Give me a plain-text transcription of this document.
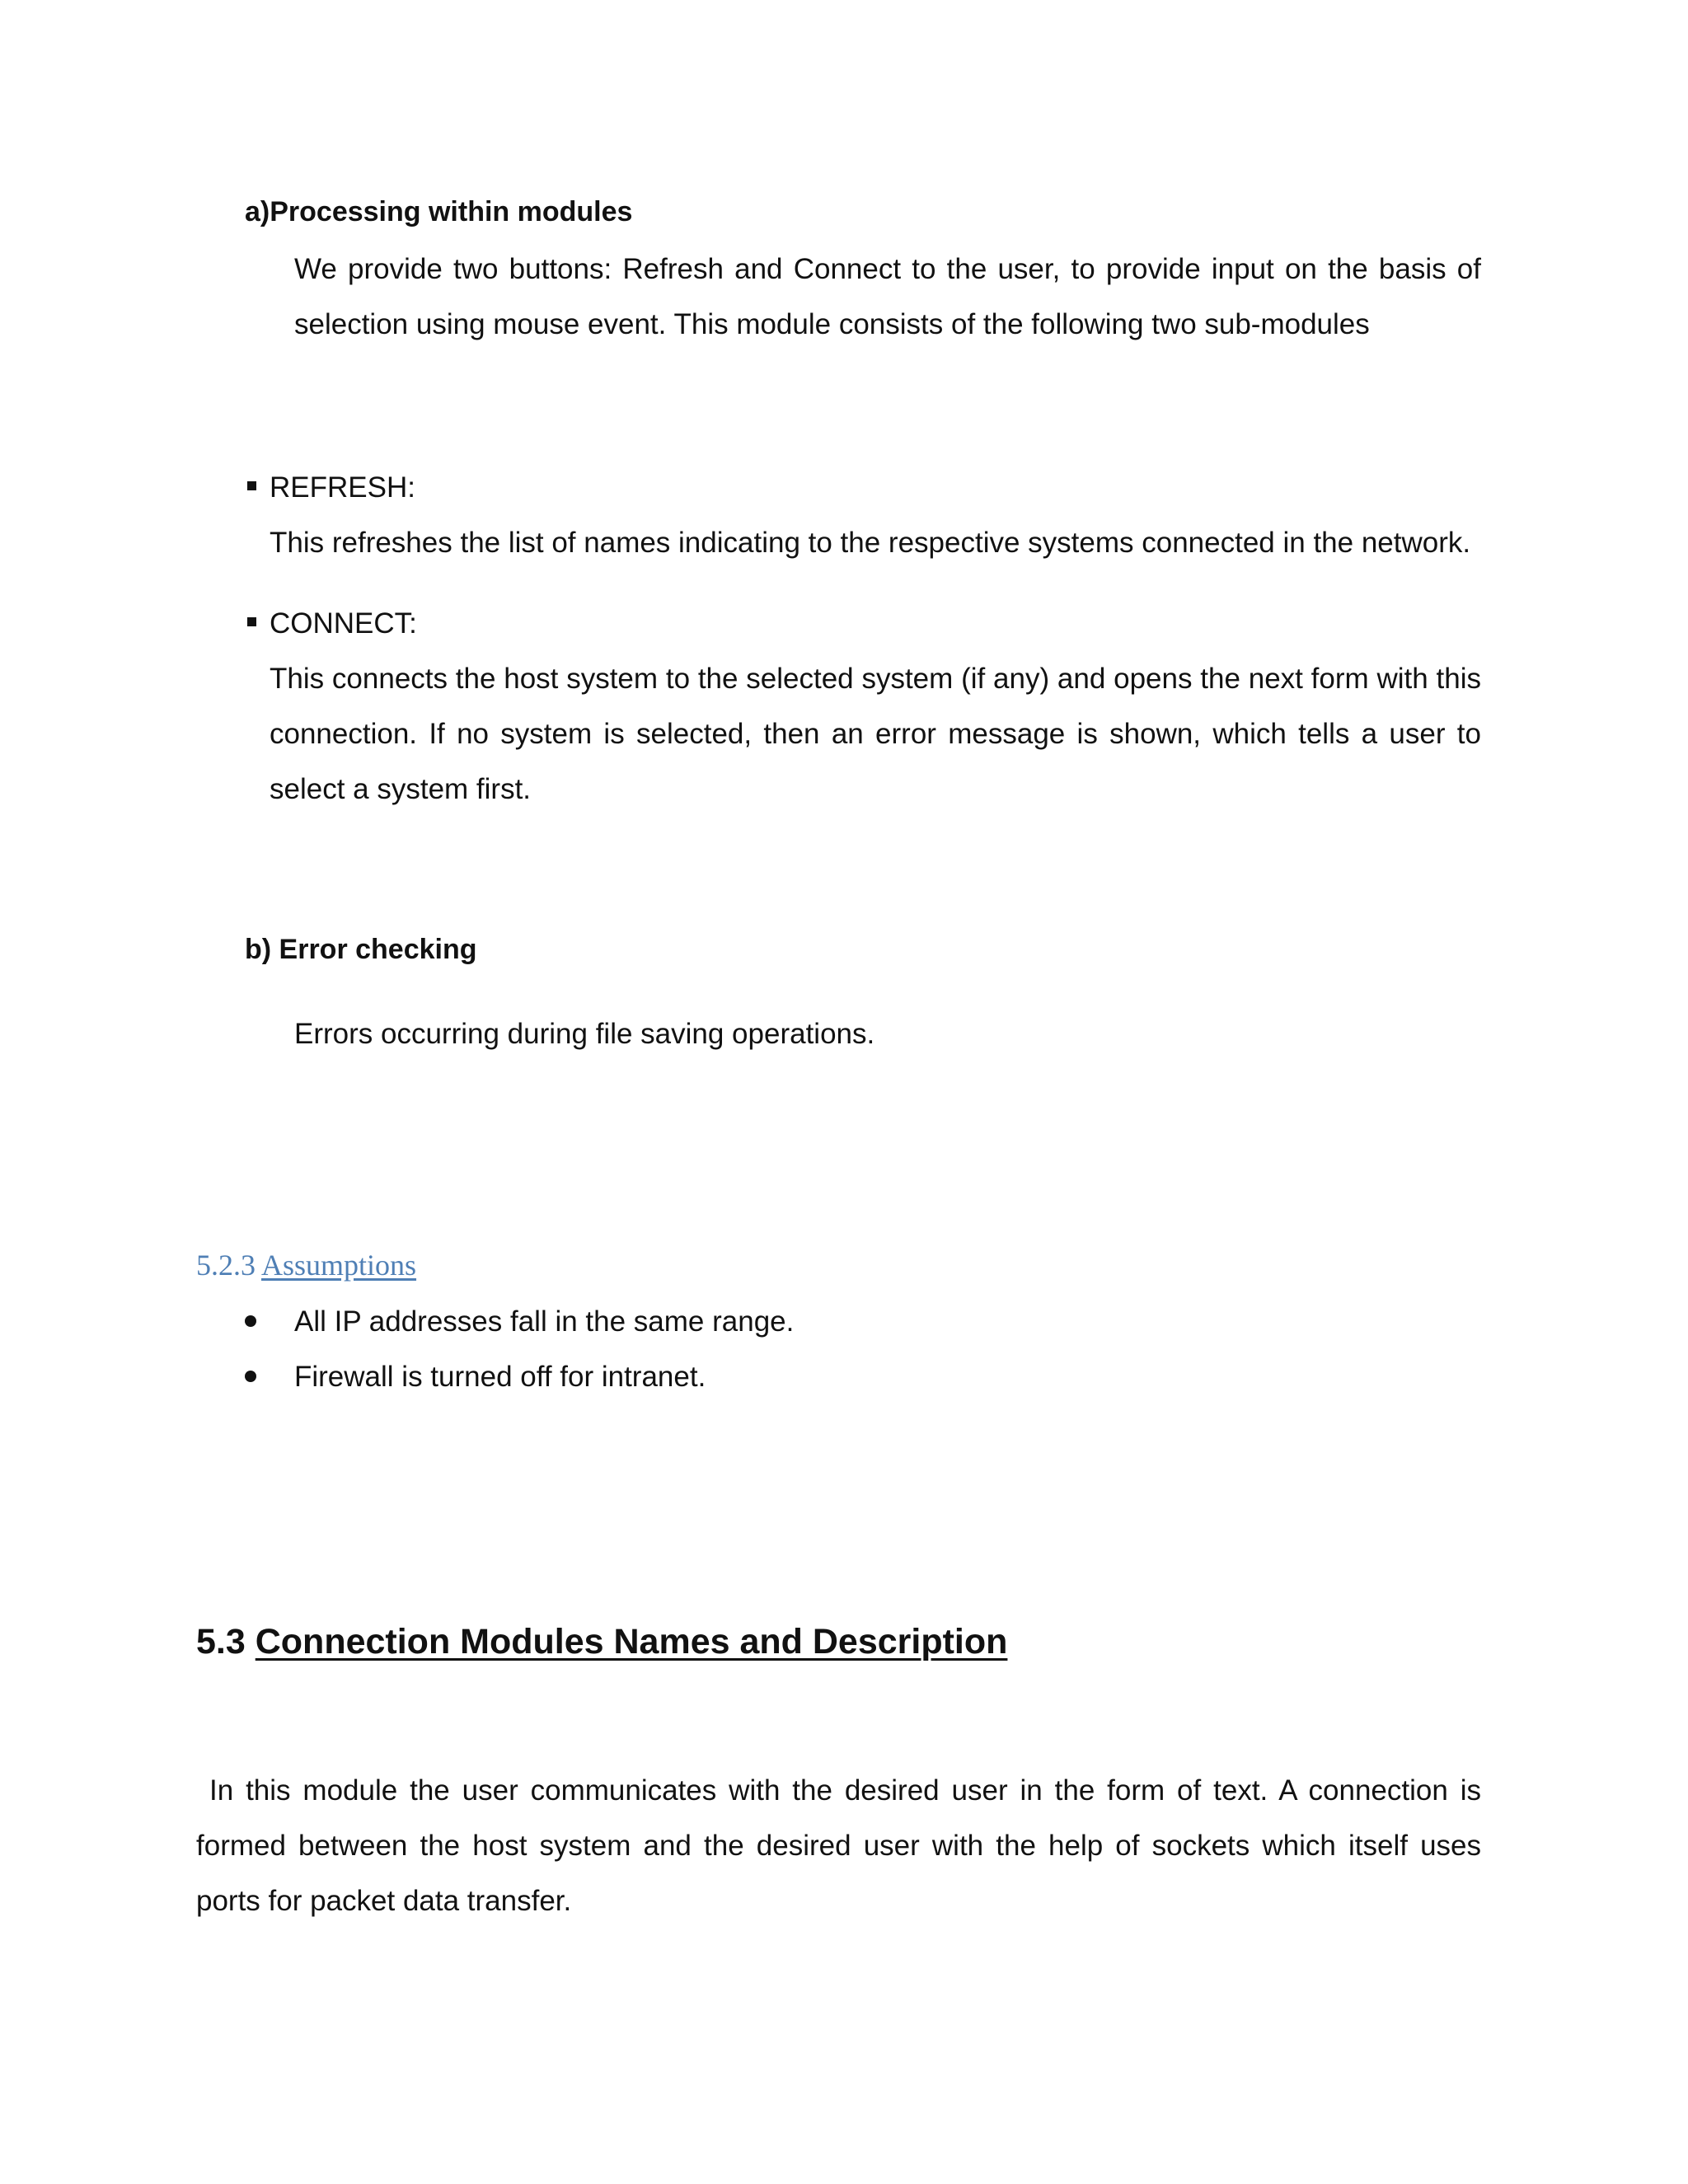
a)Processing within modules
We provide two buttons: Refresh and Connect to the user, to provide input on the basis of selection using mouse event. This module consists of the following two sub-modules
REFRESH:
This refreshes the list of names indicating to the respective systems connected in the network.
CONNECT:
This connects the host system to the selected system (if any) and opens the next form with this connection. If no system is selected, then an error message is shown, which tells a user to select a system first.
b) Error checking
Errors occurring during file saving operations.
5.2.3 Assumptions
All IP addresses fall in the same range.
Firewall is turned off for intranet.
5.3 Connection Modules Names and Description
In this module the user communicates with the desired user in the form of text. A connection is formed between the host system and the desired user with the help of sockets which itself uses ports for packet data transfer.
